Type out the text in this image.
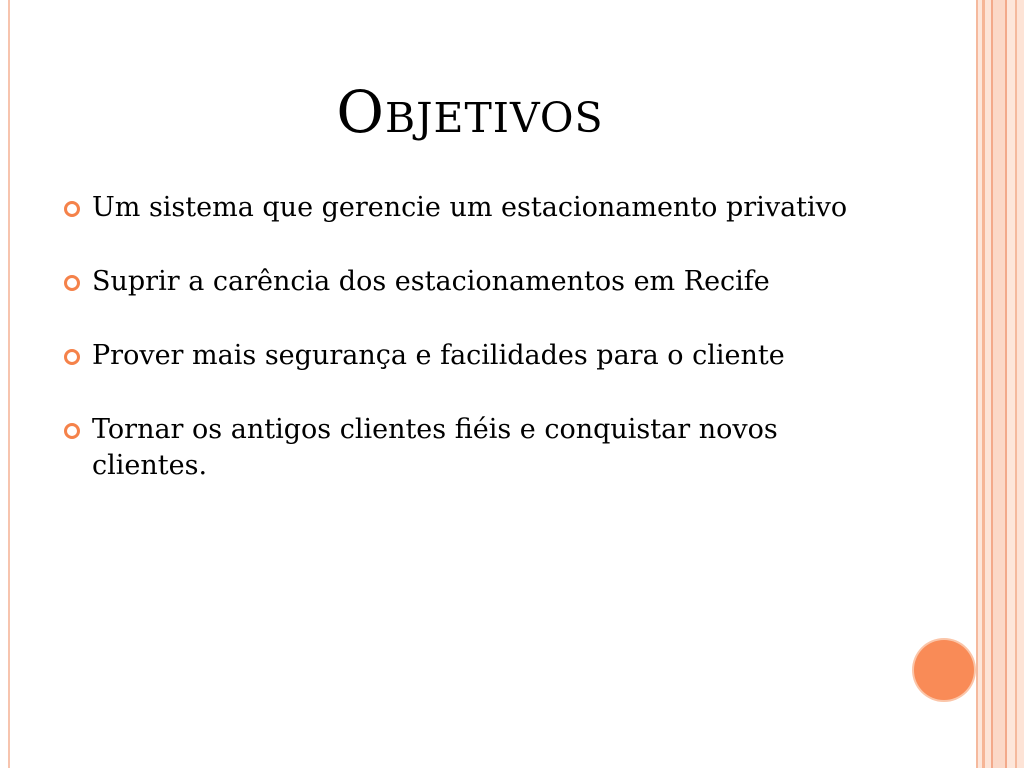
Objetivos
Um sistema que gerencie um estacionamento privativo
Suprir a carência dos estacionamentos em Recife
Prover mais segurança e facilidades para o cliente
Tornar os antigos clientes fiéis e conquistar novos clientes.
